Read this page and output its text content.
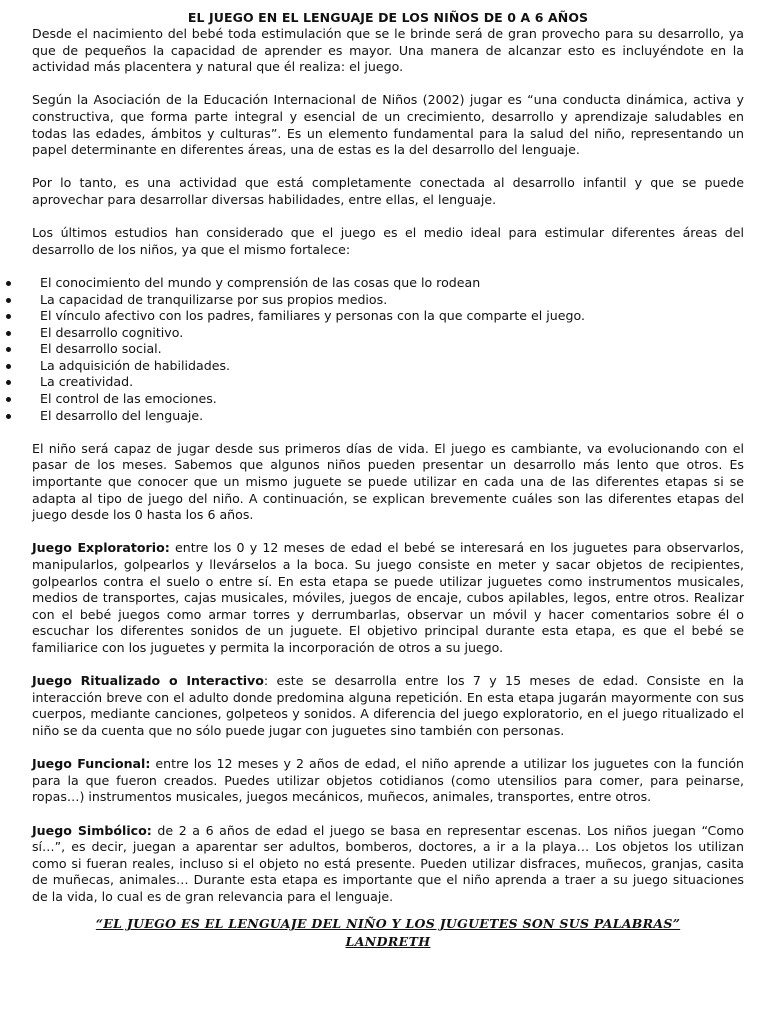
EL JUEGO EN EL LENGUAJE DE LOS NIÑOS DE 0 A 6 AÑOS

Desde el nacimiento del bebé toda estimulación que se le brinde será de gran provecho para su desarrollo, ya que de pequeños la capacidad de aprender es mayor. Una manera de alcanzar esto es incluyéndote en la actividad más placentera y natural que él realiza: el juego.

Según la Asociación de la Educación Internacional de Niños (2002) jugar es “una conducta dinámica, activa y constructiva, que forma parte integral y esencial de un crecimiento, desarrollo y aprendizaje saludables en todas las edades, ámbitos y culturas”. Es un elemento fundamental para la salud del niño, representando un papel determinante en diferentes áreas, una de estas es la del desarrollo del lenguaje.

Por lo tanto, es una actividad que está completamente conectada al desarrollo infantil y que se puede aprovechar para desarrollar diversas habilidades, entre ellas, el lenguaje.

Los últimos estudios han considerado que el juego es el medio ideal para estimular diferentes áreas del desarrollo de los niños, ya que el mismo fortalece:

El conocimiento del mundo y comprensión de las cosas que lo rodean
La capacidad de tranquilizarse por sus propios medios.
El vínculo afectivo con los padres, familiares y personas con la que comparte el juego.
El desarrollo cognitivo.
El desarrollo social.
La adquisición de habilidades.
La creatividad.
El control de las emociones.
El desarrollo del lenguaje.

El niño será capaz de jugar desde sus primeros días de vida. El juego es cambiante, va evolucionando con el pasar de los meses. Sabemos que algunos niños pueden presentar un desarrollo más lento que otros. Es importante que conocer que un mismo juguete se puede utilizar en cada una de las diferentes etapas si se adapta al tipo de juego del niño. A continuación, se explican brevemente cuáles son las diferentes etapas del juego desde los 0 hasta los 6 años.

Juego Exploratorio: entre los 0 y 12 meses de edad el bebé se interesará en los juguetes para observarlos, manipularlos, golpearlos y llevárselos a la boca. Su juego consiste en meter y sacar objetos de recipientes, golpearlos contra el suelo o entre sí. En esta etapa se puede utilizar juguetes como instrumentos musicales, medios de transportes, cajas musicales, móviles, juegos de encaje, cubos apilables, legos, entre otros. Realizar con el bebé juegos como armar torres y derrumbarlas, observar un móvil y hacer comentarios sobre él o escuchar los diferentes sonidos de un juguete. El objetivo principal durante esta etapa, es que el bebé se familiarice con los juguetes y permita la incorporación de otros a su juego.

Juego Ritualizado o Interactivo: este se desarrolla entre los 7 y 15 meses de edad. Consiste en la interacción breve con el adulto donde predomina alguna repetición. En esta etapa jugarán mayormente con sus cuerpos, mediante canciones, golpeteos y sonidos. A diferencia del juego exploratorio, en el juego ritualizado el niño se da cuenta que no sólo puede jugar con juguetes sino también con personas.

Juego Funcional: entre los 12 meses y 2 años de edad, el niño aprende a utilizar los juguetes con la función para la que fueron creados. Puedes utilizar objetos cotidianos (como utensilios para comer, para peinarse, ropas…) instrumentos musicales, juegos mecánicos, muñecos, animales, transportes, entre otros.

Juego Simbólico: de 2 a 6 años de edad el juego se basa en representar escenas. Los niños juegan “Como sí…”, es decir, juegan a aparentar ser adultos, bomberos, doctores, a ir a la playa… Los objetos los utilizan como si fueran reales, incluso si el objeto no está presente. Pueden utilizar disfraces, muñecos, granjas, casita de muñecas, animales… Durante esta etapa es importante que el niño aprenda a traer a su juego situaciones de la vida, lo cual es de gran relevancia para el lenguaje.

“EL JUEGO ES EL LENGUAJE DEL NIÑO Y LOS JUGUETES SON SUS PALABRAS”
LANDRETH
